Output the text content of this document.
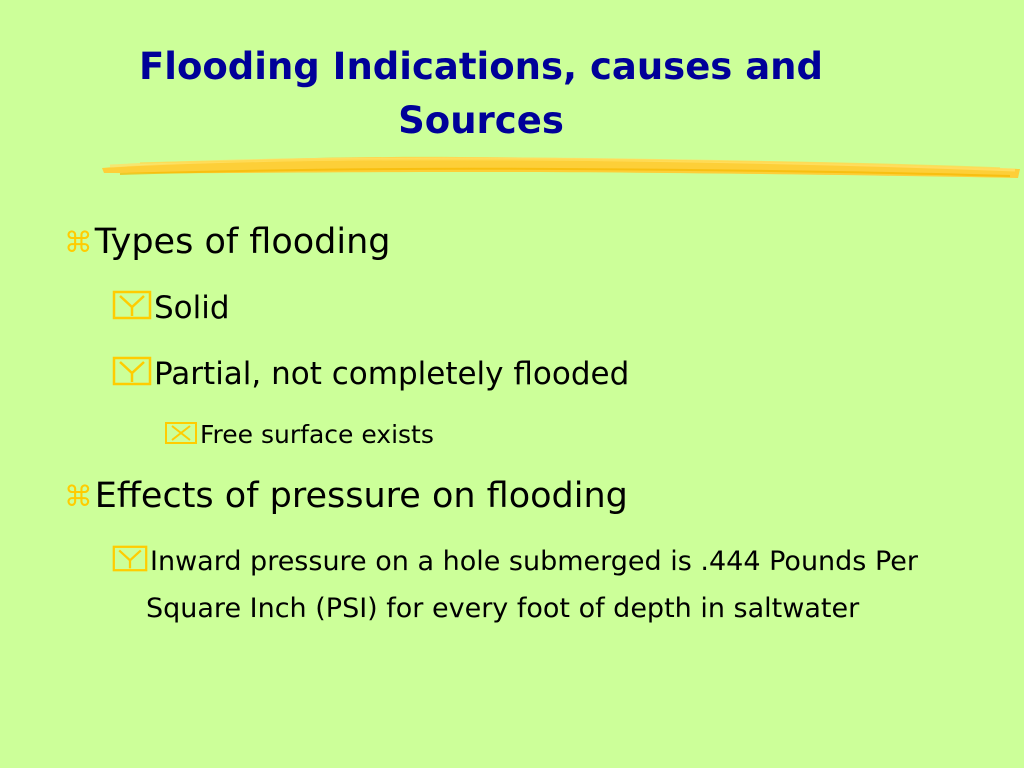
Flooding Indications, causes and
Sources
⌘Types of flooding
Solid
Partial, not completely flooded
Free surface exists
⌘Effects of pressure on flooding
Inward pressure on a hole submerged is .444 Pounds Per Square Inch (PSI) for every foot of depth in saltwater
